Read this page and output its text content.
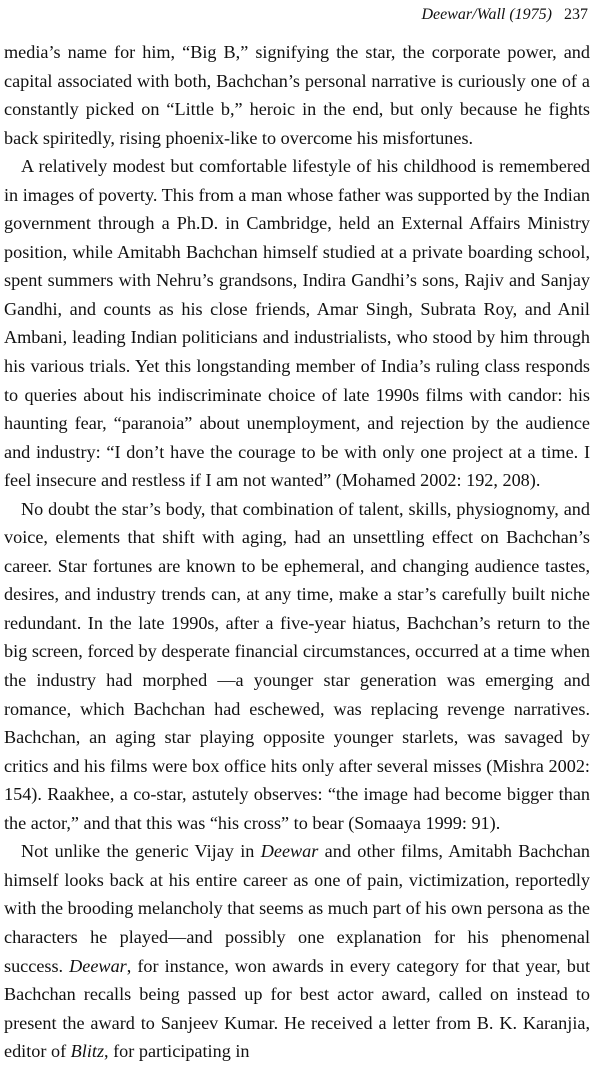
Deewar/Wall (1975) 237

media’s name for him, “Big B,” signifying the star, the corporate power, and capital associated with both, Bachchan’s personal narrative is curiously one of a constantly picked on “Little b,” heroic in the end, but only because he fights back spiritedly, rising phoenix-like to overcome his misfortunes.

A relatively modest but comfortable lifestyle of his childhood is remembered in images of poverty. This from a man whose father was supported by the Indian government through a Ph.D. in Cambridge, held an External Affairs Ministry position, while Amitabh Bachchan himself studied at a private boarding school, spent summers with Nehru’s grandsons, Indira Gandhi’s sons, Rajiv and Sanjay Gandhi, and counts as his close friends, Amar Singh, Subrata Roy, and Anil Ambani, leading Indian politicians and industrialists, who stood by him through his various trials. Yet this longstanding member of India’s ruling class responds to queries about his indiscriminate choice of late 1990s films with candor: his haunting fear, “paranoia” about unemployment, and rejection by the audience and industry: “I don’t have the courage to be with only one project at a time. I feel insecure and restless if I am not wanted” (Mohamed 2002: 192, 208).

No doubt the star’s body, that combination of talent, skills, physiognomy, and voice, elements that shift with aging, had an unsettling effect on Bachchan’s career. Star fortunes are known to be ephemeral, and changing audience tastes, desires, and industry trends can, at any time, make a star’s carefully built niche redundant. In the late 1990s, after a five-year hiatus, Bachchan’s return to the big screen, forced by desperate financial circumstances, occurred at a time when the industry had morphed —a younger star generation was emerging and romance, which Bachchan had eschewed, was replacing revenge narratives. Bachchan, an aging star playing opposite younger starlets, was savaged by critics and his films were box office hits only after several misses (Mishra 2002: 154). Raakhee, a co-star, astutely observes: “the image had become bigger than the actor,” and that this was “his cross” to bear (Somaaya 1999: 91).

Not unlike the generic Vijay in Deewar and other films, Amitabh Bachchan himself looks back at his entire career as one of pain, victimization, reportedly with the brooding melancholy that seems as much part of his own persona as the characters he played—and possibly one explanation for his phenomenal success. Deewar, for instance, won awards in every category for that year, but Bachchan recalls being passed up for best actor award, called on instead to present the award to Sanjeev Kumar. He received a letter from B. K. Karanjia, editor of Blitz, for participating in
